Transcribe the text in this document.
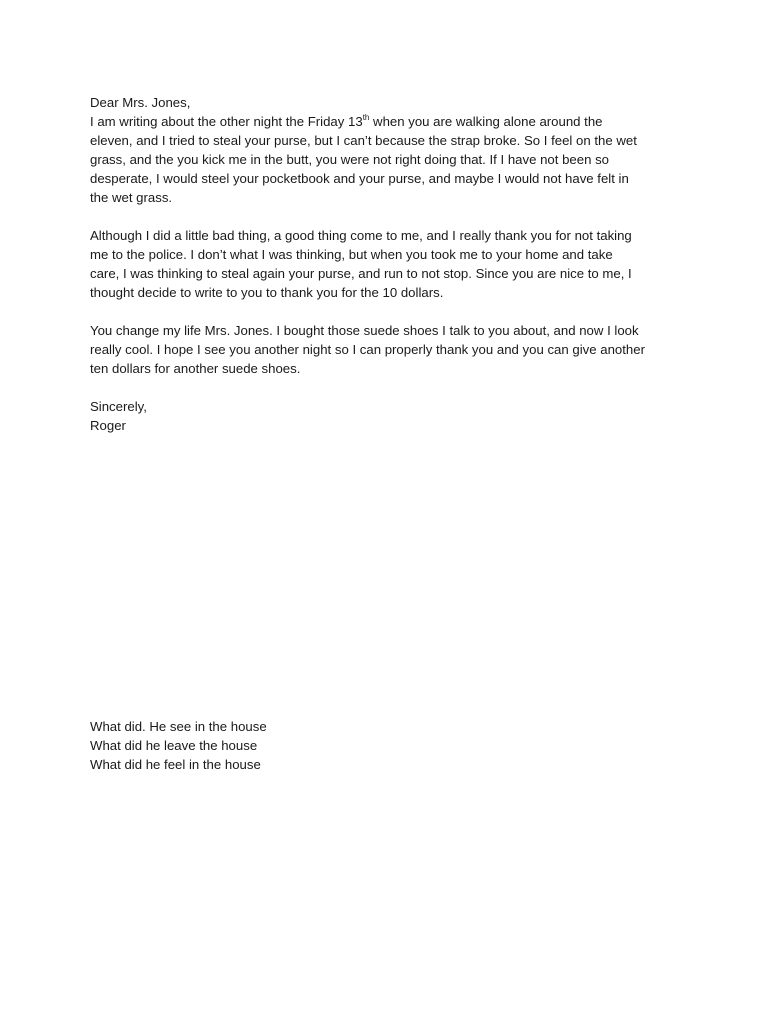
Dear Mrs. Jones,
I am writing about the other night the Friday 13th when you are walking alone around the
eleven, and I tried to steal your purse, but I can’t because the strap broke. So I feel on the wet
grass, and the you kick me in the butt, you were not right doing that. If I have not been so
desperate, I would steel your pocketbook and your purse, and maybe I would not have felt in
the wet grass.
Although I did a little bad thing, a good thing come to me, and I really thank you for not taking
me to the police. I don’t what I was thinking, but when you took me to your home and take
care, I was thinking to steal again your purse, and run to not stop. Since you are nice to me, I
thought decide to write to you to thank you for the 10 dollars.
You change my life Mrs. Jones. I bought those suede shoes I talk to you about, and now I look
really cool. I hope I see you another night so I can properly thank you and you can give another
ten dollars for another suede shoes.
Sincerely,
Roger
What did. He see in the house
What did he leave the house
What did he feel in the house
